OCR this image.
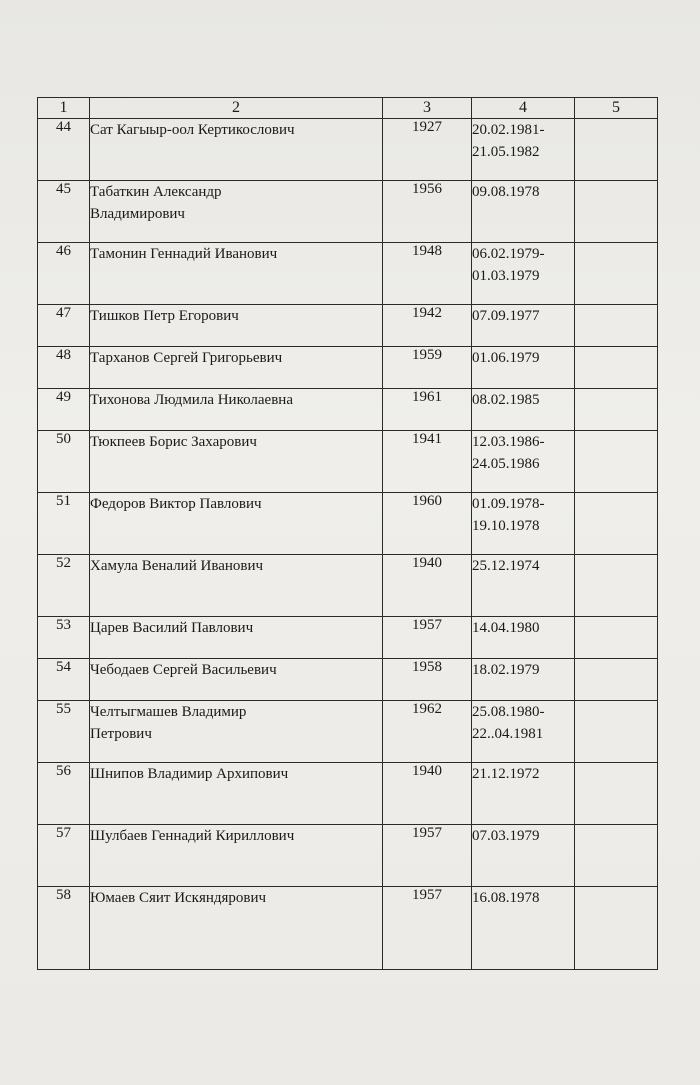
1	2	3	4	5
44	Сат Кагыыр-оол Кертикослович	1927	20.02.1981-
21.05.1982	
45	Табаткин Александр
Владимирович	1956	09.08.1978	
46	Тамонин Геннадий Иванович	1948	06.02.1979-
01.03.1979	
47	Тишков Петр Егорович	1942	07.09.1977	
48	Тарханов Сергей Григорьевич	1959	01.06.1979	
49	Тихонова Людмила Николаевна	1961	08.02.1985	
50	Тюкпеев Борис Захарович	1941	12.03.1986-
24.05.1986	
51	Федоров Виктор Павлович	1960	01.09.1978-
19.10.1978	
52	Хамула Веналий Иванович	1940	25.12.1974	
53	Царев Василий Павлович	1957	14.04.1980	
54	Чебодаев Сергей Васильевич	1958	18.02.1979	
55	Челтыгмашев Владимир
Петрович	1962	25.08.1980-
22..04.1981	
56	Шнипов Владимир Архипович	1940	21.12.1972	
57	Шулбаев Геннадий Кириллович	1957	07.03.1979	
58	Юмаев Сяит Искяндярович	1957	16.08.1978	
